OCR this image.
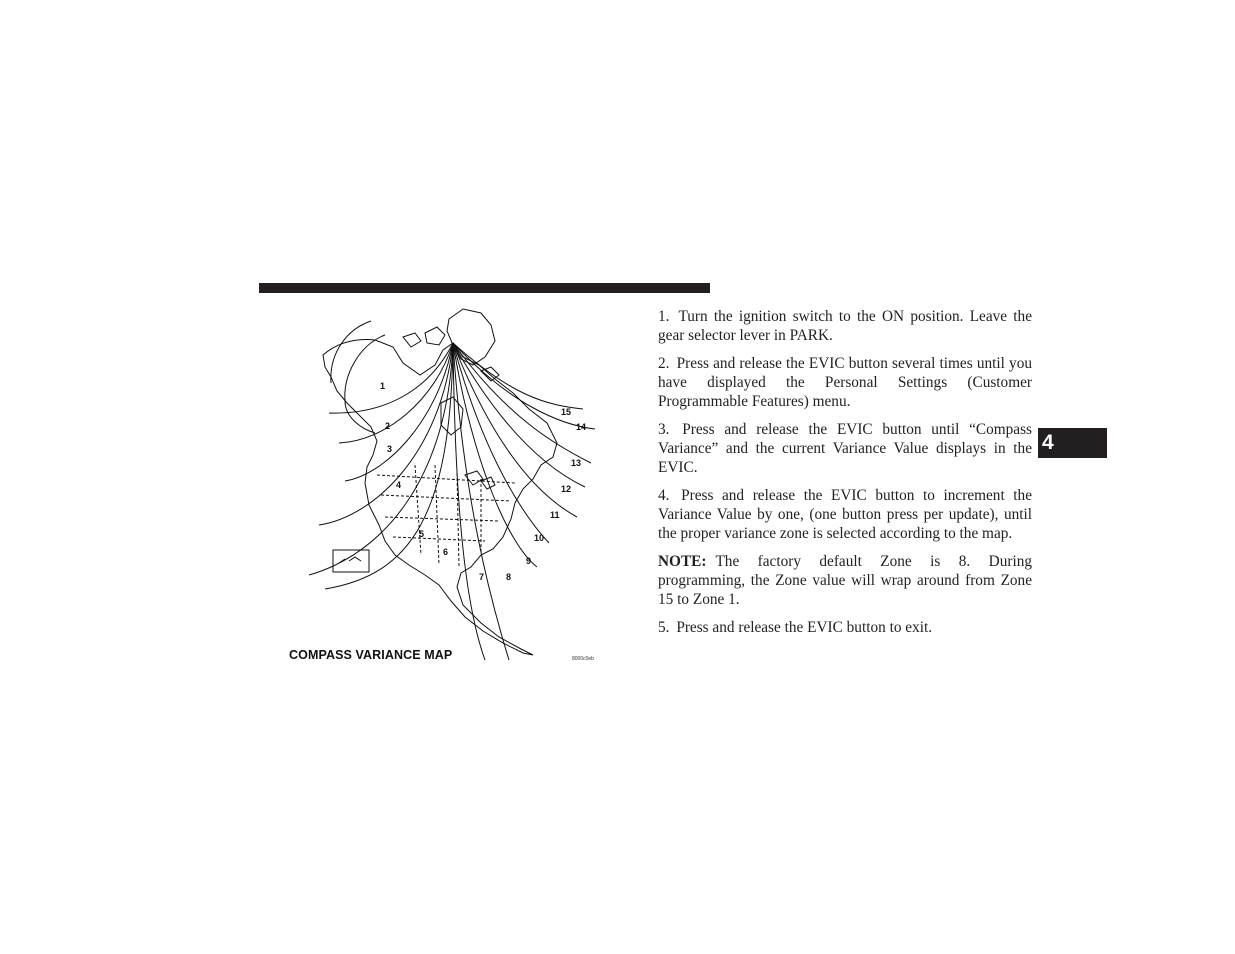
1
2
3
4
5
6
7 8
9
10
11
12
13
14
15
COMPASS VARIANCE MAP	8000c0eb

1. Turn the ignition switch to the ON position. Leave the gear selector lever in PARK.

2. Press and release the EVIC button several times until you have displayed the Personal Settings (Customer Programmable Features) menu.

3. Press and release the EVIC button until “Compass Variance” and the current Variance Value displays in the EVIC.

4. Press and release the EVIC button to increment the Variance Value by one, (one button press per update), until the proper variance zone is selected according to the map.

NOTE: The factory default Zone is 8. During programming, the Zone value will wrap around from Zone 15 to Zone 1.

5. Press and release the EVIC button to exit.

4
